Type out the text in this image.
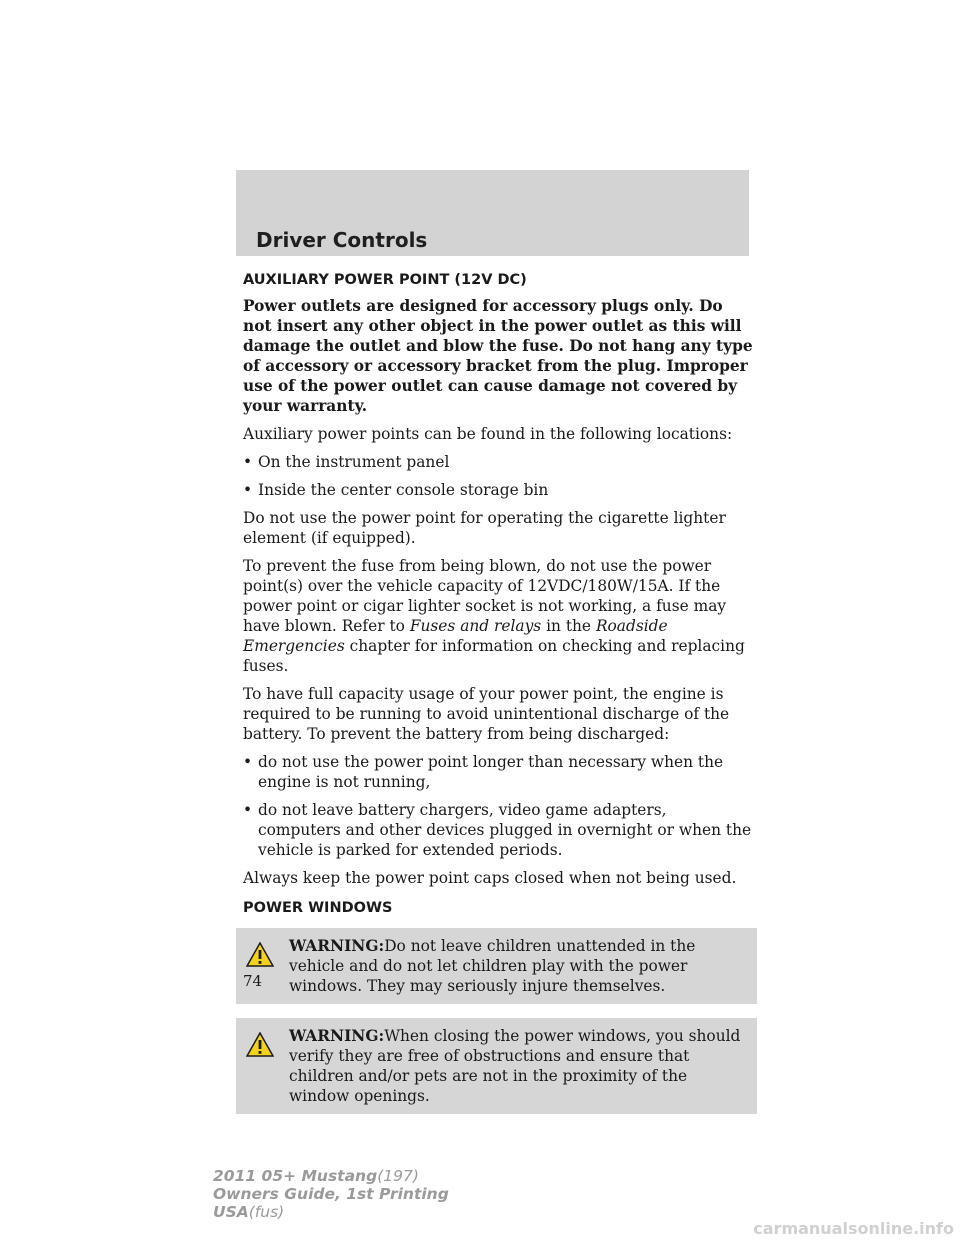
Driver Controls
AUXILIARY POWER POINT (12V DC)

Power outlets are designed for accessory plugs only. Do not insert any other object in the power outlet as this will damage the outlet and blow the fuse. Do not hang any type of accessory or accessory bracket from the plug. Improper use of the power outlet can cause damage not covered by your warranty.

Auxiliary power points can be found in the following locations:

• On the instrument panel
• Inside the center console storage bin

Do not use the power point for operating the cigarette lighter element (if equipped).

To prevent the fuse from being blown, do not use the power point(s) over the vehicle capacity of 12VDC/180W/15A. If the power point or cigar lighter socket is not working, a fuse may have blown. Refer to Fuses and relays in the Roadside Emergencies chapter for information on checking and replacing fuses.

To have full capacity usage of your power point, the engine is required to be running to avoid unintentional discharge of the battery. To prevent the battery from being discharged:

• do not use the power point longer than necessary when the engine is not running,
• do not leave battery chargers, video game adapters, computers and other devices plugged in overnight or when the vehicle is parked for extended periods.

Always keep the power point caps closed when not being used.

POWER WINDOWS
WARNING:Do not leave children unattended in the vehicle and do not let children play with the power windows. They may seriously injure themselves.
WARNING:When closing the power windows, you should verify they are free of obstructions and ensure that children and/or pets are not in the proximity of the window openings.
74
2011 05+ Mustang(197)
Owners Guide, 1st Printing
USA(fus)
carmanualsonline.info
